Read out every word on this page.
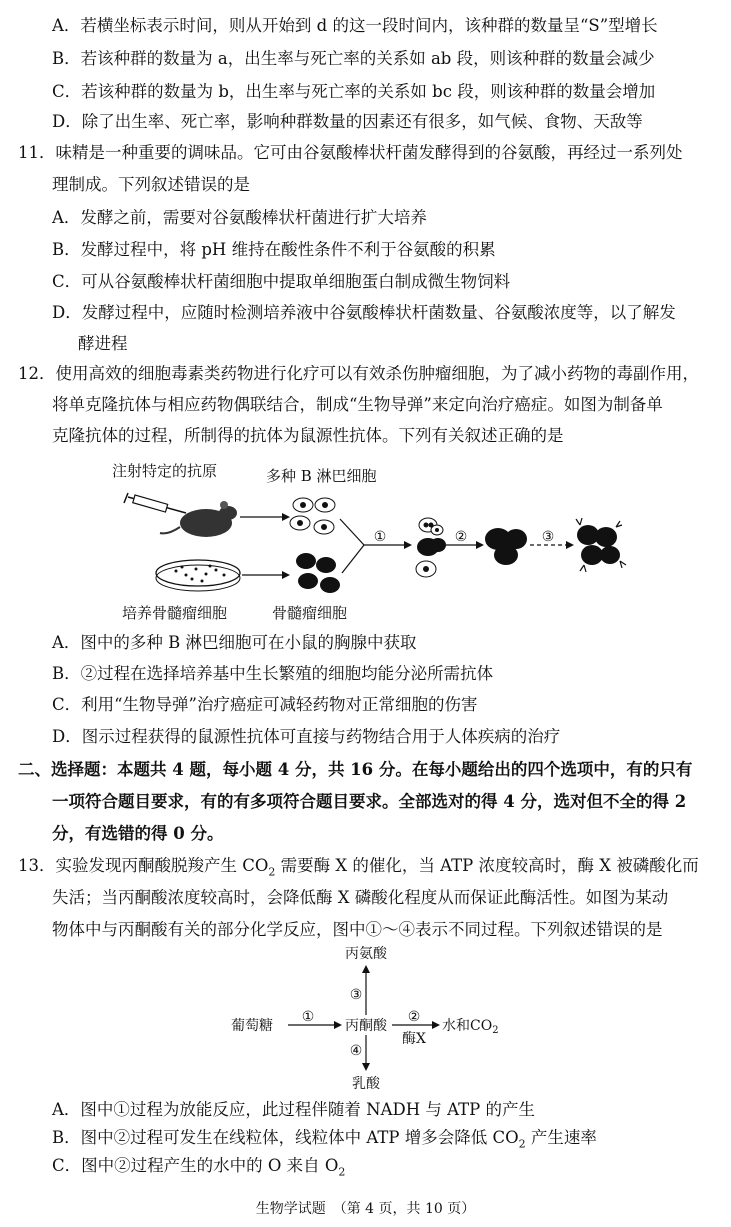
A．若横坐标表示时间，则从开始到 d 的这一段时间内，该种群的数量呈“S”型增长
B．若该种群的数量为 a，出生率与死亡率的关系如 ab 段，则该种群的数量会减少
C．若该种群的数量为 b，出生率与死亡率的关系如 bc 段，则该种群的数量会增加
D．除了出生率、死亡率，影响种群数量的因素还有很多，如气候、食物、天敌等
11．味精是一种重要的调味品。它可由谷氨酸棒状杆菌发酵得到的谷氨酸，再经过一系列处
理制成。下列叙述错误的是
A．发酵之前，需要对谷氨酸棒状杆菌进行扩大培养
B．发酵过程中，将 pH 维持在酸性条件不利于谷氨酸的积累
C．可从谷氨酸棒状杆菌细胞中提取单细胞蛋白制成微生物饲料
D．发酵过程中，应随时检测培养液中谷氨酸棒状杆菌数量、谷氨酸浓度等，以了解发
酵进程
12．使用高效的细胞毒素类药物进行化疗可以有效杀伤肿瘤细胞，为了减小药物的毒副作用，
将单克隆抗体与相应药物偶联结合，制成“生物导弹”来定向治疗癌症。如图为制备单
克隆抗体的过程，所制得的抗体为鼠源性抗体。下列有关叙述正确的是
注射特定的抗原	多种 B 淋巴细胞
培养骨髓瘤细胞	骨髓瘤细胞
①	②	③
A．图中的多种 B 淋巴细胞可在小鼠的胸腺中获取
B．②过程在选择培养基中生长繁殖的细胞均能分泌所需抗体
C．利用“生物导弹”治疗癌症可减轻药物对正常细胞的伤害
D．图示过程获得的鼠源性抗体可直接与药物结合用于人体疾病的治疗
二、选择题：本题共 4 题，每小题 4 分，共 16 分。在每小题给出的四个选项中，有的只有
一项符合题目要求，有的有多项符合题目要求。全部选对的得 4 分，选对但不全的得 2
分，有选错的得 0 分。
13．实验发现丙酮酸脱羧产生 $CO_2$ 需要酶 X 的催化，当 ATP 浓度较高时，酶 X 被磷酸化而
失活；当丙酮酸浓度较高时，会降低酶 X 磷酸化程度从而保证此酶活性。如图为某动
物体中与丙酮酸有关的部分化学反应，图中①～④表示不同过程。下列叙述错误的是
丙氨酸
③
葡萄糖
①
丙酮酸
②
酶X
水和$CO_2$
④
乳酸
A．图中①过程为放能反应，此过程伴随着 NADH 与 ATP 的产生
B．图中②过程可发生在线粒体，线粒体中 ATP 增多会降低 $CO_2$ 产生速率
C．图中②过程产生的水中的 O 来自 $O_2$
生物学试题　（第 4 页，共 10 页）
